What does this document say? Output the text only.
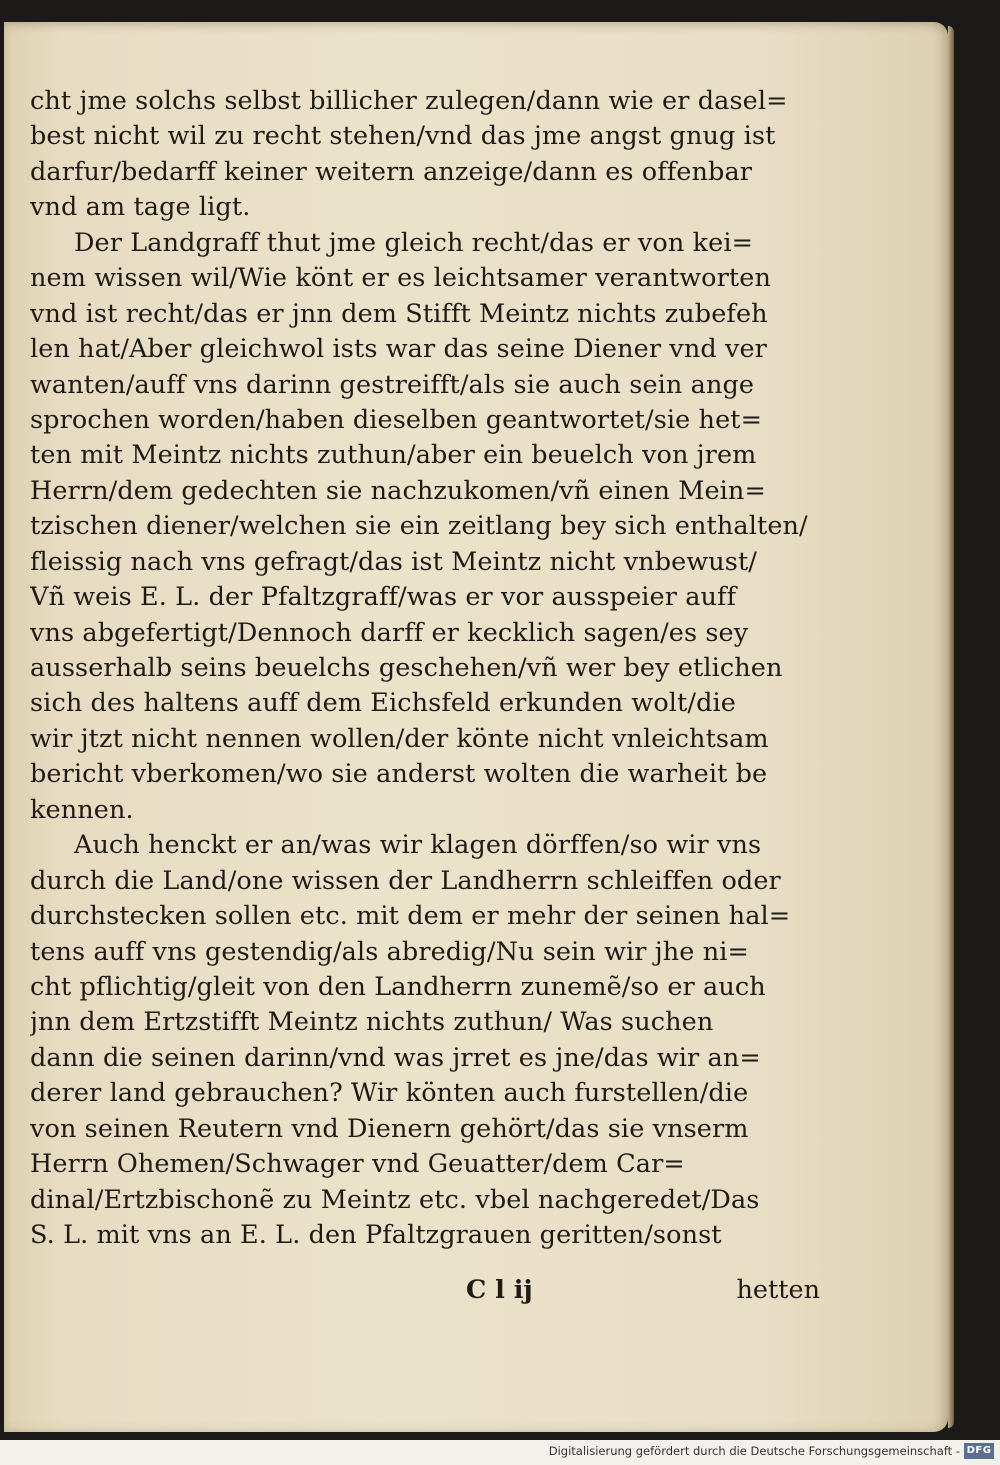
cht jme solchs selbst billicher zulegen/dann wie er dasel=
best nicht wil zu recht stehen/vnd das jme angst gnug ist
darfur/bedarff keiner weitern anzeige/dann es offenbar
vnd am tage ligt.
Der Landgraff thut jme gleich recht/das er von kei=
nem wissen wil/Wie könt er es leichtsamer verantworten
vnd ist recht/das er jnn dem Stifft Meintz nichts zubefeh
len hat/Aber gleichwol ists war das seine Diener vnd ver
wanten/auff vns darinn gestreifft/als sie auch sein ange
sprochen worden/haben dieselben geantwortet/sie het=
ten mit Meintz nichts zuthun/aber ein beuelch von jrem
Herrn/dem gedechten sie nachzukomen/vñ einen Mein=
tzischen diener/welchen sie ein zeitlang bey sich enthalten/
fleissig nach vns gefragt/das ist Meintz nicht vnbewust/
Vñ weis E. L. der Pfaltzgraff/was er vor ausspeier auff
vns abgefertigt/Dennoch darff er kecklich sagen/es sey
ausserhalb seins beuelchs geschehen/vñ wer bey etlichen
sich des haltens auff dem Eichsfeld erkunden wolt/die
wir jtzt nicht nennen wollen/der könte nicht vnleichtsam
bericht vberkomen/wo sie anderst wolten die warheit be
kennen.
Auch henckt er an/was wir klagen dörffen/so wir vns
durch die Land/one wissen der Landherrn schleiffen oder
durchstecken sollen etc. mit dem er mehr der seinen hal=
tens auff vns gestendig/als abredig/Nu sein wir jhe ni=
cht pflichtig/gleit von den Landherrn zunemẽ/so er auch
jnn dem Ertzstifft Meintz nichts zuthun/ Was suchen
dann die seinen darinn/vnd was jrret es jne/das wir an=
derer land gebrauchen? Wir könten auch furstellen/die
von seinen Reutern vnd Dienern gehört/das sie vnserm
Herrn Ohemen/Schwager vnd Geuatter/dem Car=
dinal/Ertzbischonẽ zu Meintz etc. vbel nachgeredet/Das
S. L. mit vns an E. L. den Pfaltzgrauen geritten/sonst
C l ij	hetten
Digitalisierung gefördert durch die Deutsche Forschungsgemeinschaft - DFG
